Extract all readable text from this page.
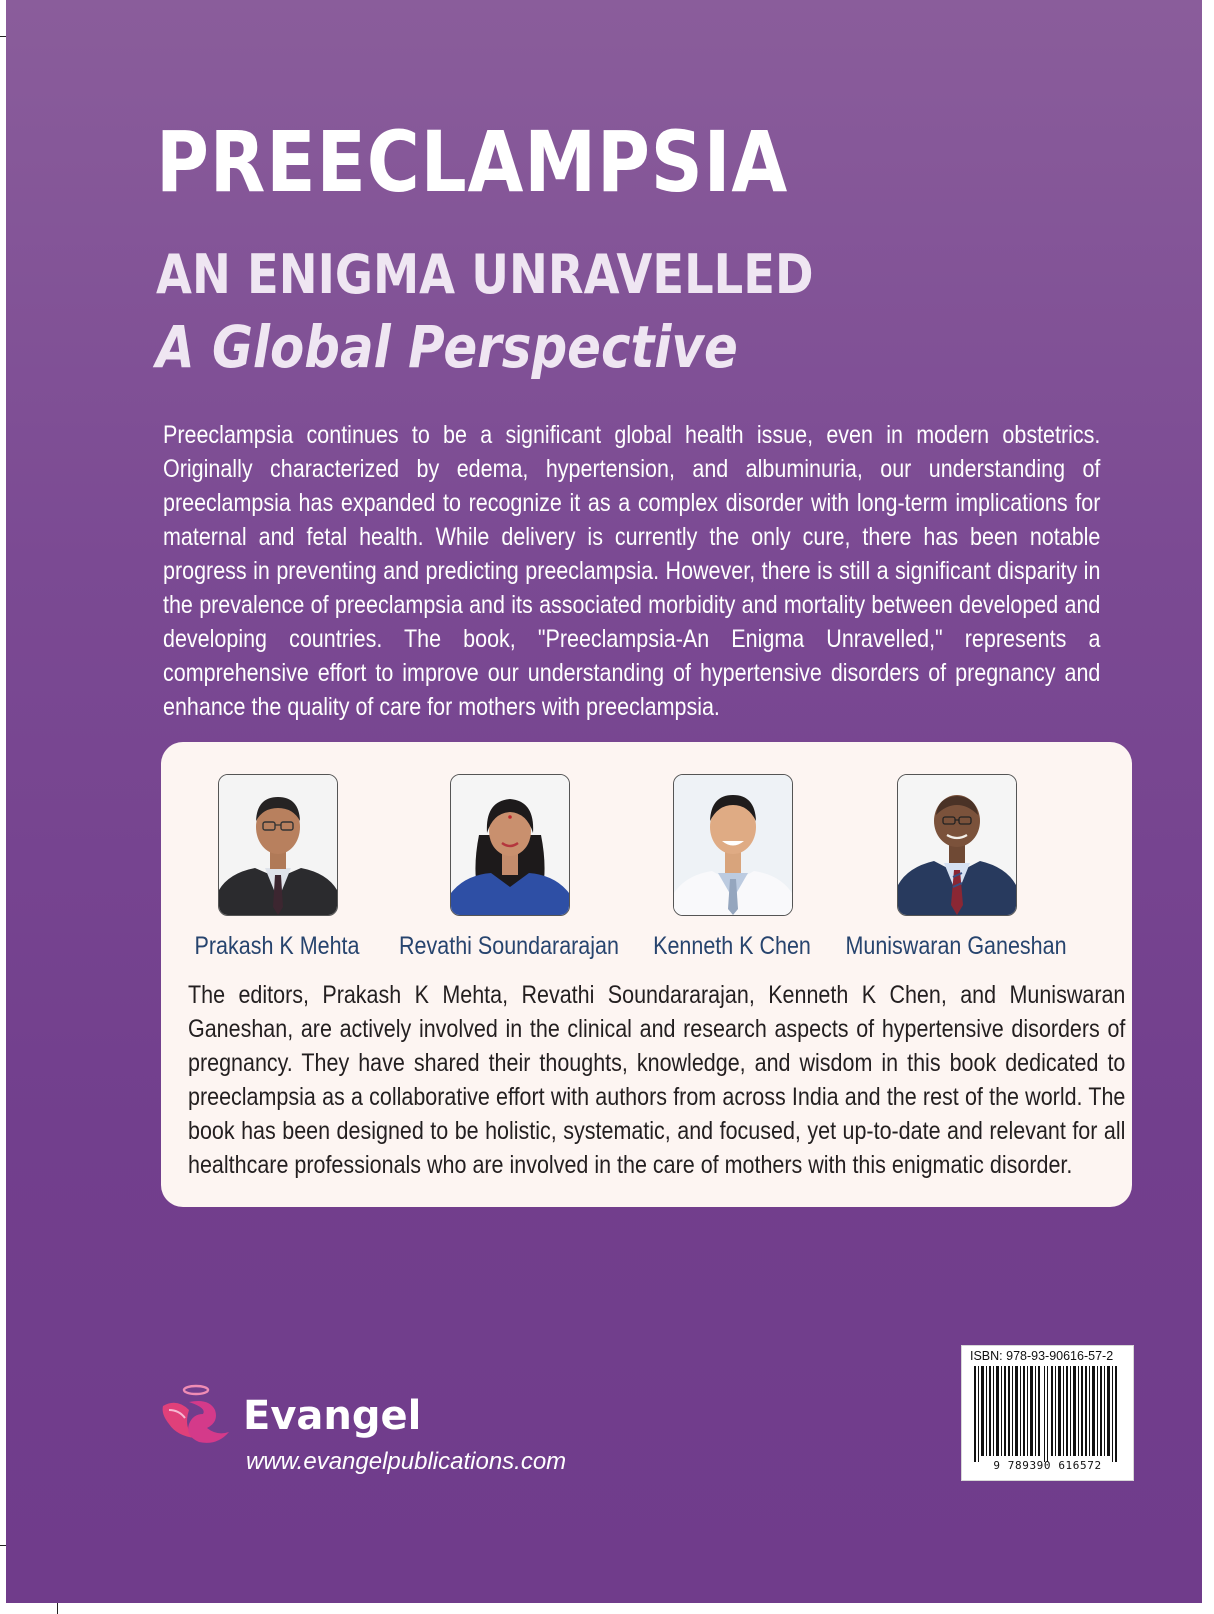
PREECLAMPSIA
AN ENIGMA UNRAVELLED
A Global Perspective

Preeclampsia continues to be a significant global health issue, even in modern obstetrics. Originally characterized by edema, hypertension, and albuminuria, our understanding of preeclampsia has expanded to recognize it as a complex disorder with long-term implications for maternal and fetal health. While delivery is currently the only cure, there has been notable progress in preventing and predicting preeclampsia. However, there is still a significant disparity in the prevalence of preeclampsia and its associated morbidity and mortality between developed and developing countries. The book, "Preeclampsia-An Enigma Unravelled," represents a comprehensive effort to improve our understanding of hypertensive disorders of pregnancy and enhance the quality of care for mothers with preeclampsia.

Prakash K Mehta Revathi Soundararajan Kenneth K Chen Muniswaran Ganeshan

The editors, Prakash K Mehta, Revathi Soundararajan, Kenneth K Chen, and Muniswaran Ganeshan, are actively involved in the clinical and research aspects of hypertensive disorders of pregnancy. They have shared their thoughts, knowledge, and wisdom in this book dedicated to preeclampsia as a collaborative effort with authors from across India and the rest of the world. The book has been designed to be holistic, systematic, and focused, yet up-to-date and relevant for all healthcare professionals who are involved in the care of mothers with this enigmatic disorder.

Evangel

www.evangelpublications.com

ISBN: 978-93-90616-57-2

9 789390 616572
